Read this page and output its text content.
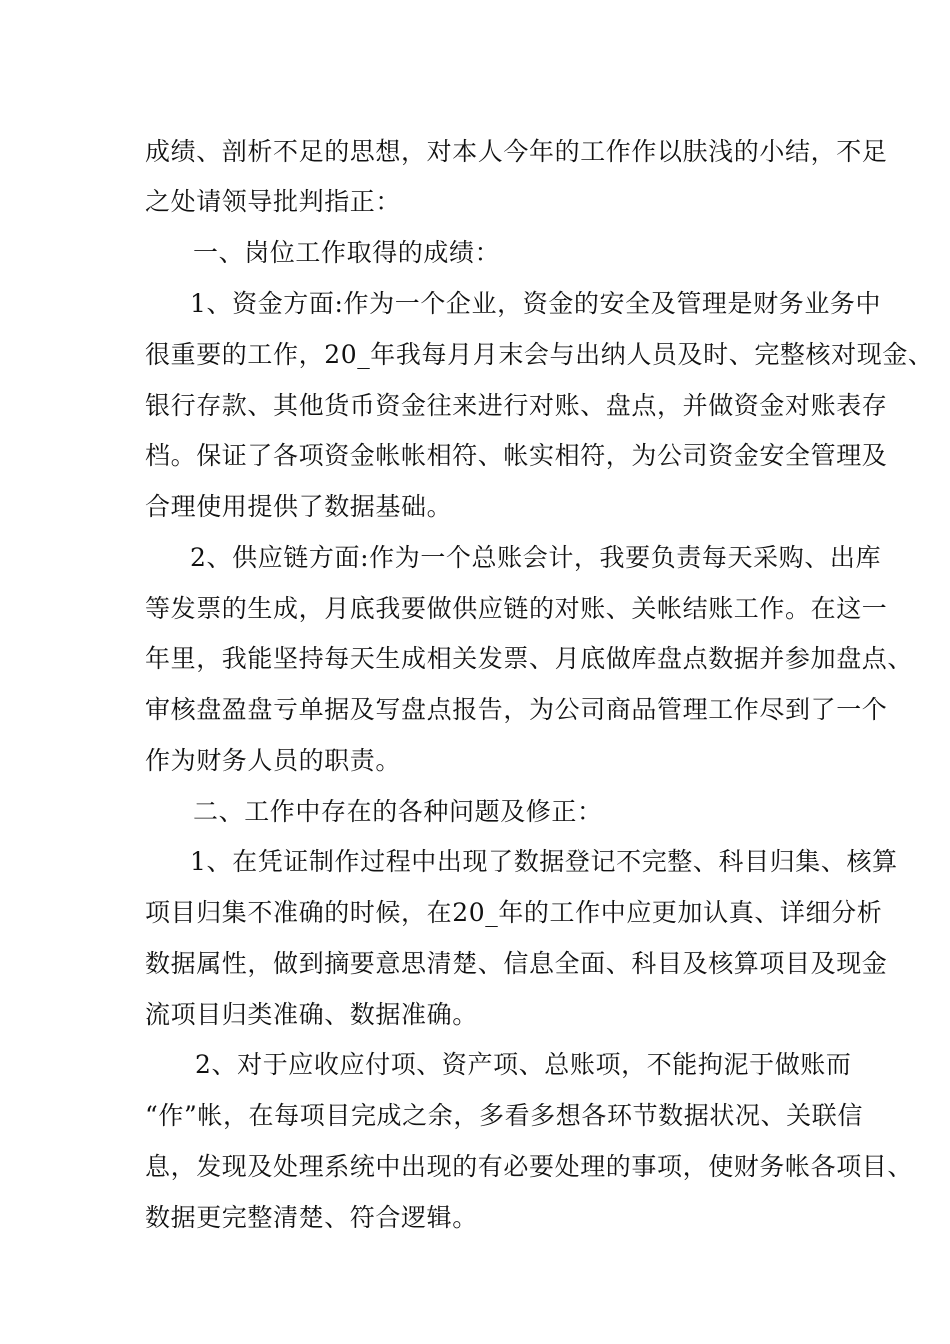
成绩、剖析不足的思想，对本人今年的工作作以肤浅的小结，不足
之处请领导批判指正：
一、岗位工作取得的成绩：
1、资金方面:作为一个企业，资金的安全及管理是财务业务中
很重要的工作，20_年我每月月末会与出纳人员及时、完整核对现金、
银行存款、其他货币资金往来进行对账、盘点，并做资金对账表存
档。保证了各项资金帐帐相符、帐实相符，为公司资金安全管理及
合理使用提供了数据基础。
2、供应链方面:作为一个总账会计，我要负责每天采购、出库
等发票的生成，月底我要做供应链的对账、关帐结账工作。在这一
年里，我能坚持每天生成相关发票、月底做库盘点数据并参加盘点、
审核盘盈盘亏单据及写盘点报告，为公司商品管理工作尽到了一个
作为财务人员的职责。
二、工作中存在的各种问题及修正：
1、在凭证制作过程中出现了数据登记不完整、科目归集、核算
项目归集不准确的时候，在20_年的工作中应更加认真、详细分析
数据属性，做到摘要意思清楚、信息全面、科目及核算项目及现金
流项目归类准确、数据准确。
2、对于应收应付项、资产项、总账项，不能拘泥于做账而
“作”帐，在每项目完成之余，多看多想各环节数据状况、关联信
息，发现及处理系统中出现的有必要处理的事项，使财务帐各项目、
数据更完整清楚、符合逻辑。
